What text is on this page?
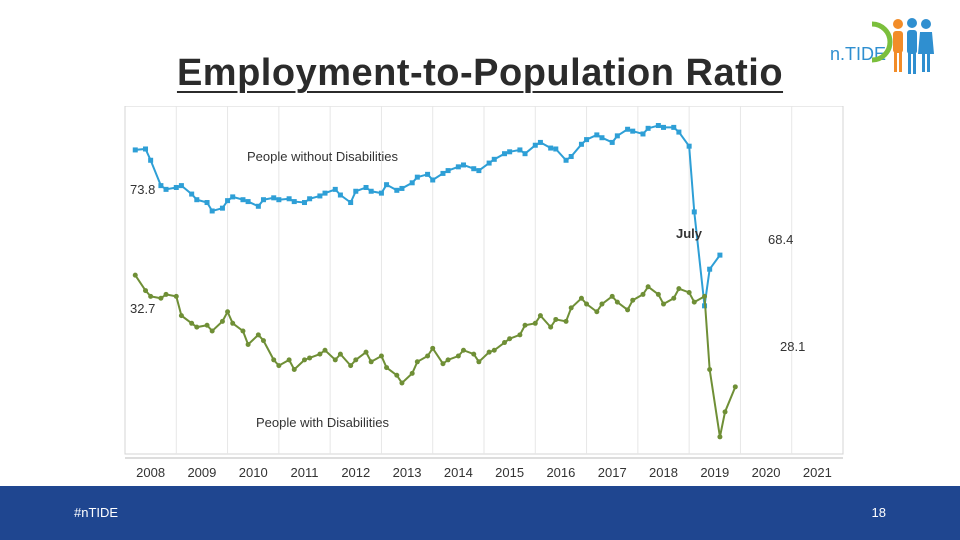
Employment-to-Population Ratio	n.TIDE
2008 2009 2010 2011 2012 2013 2014 2015 2016 2017 2018 2019 2020 2021
People without Disabilities
People with Disabilities
July
73.8
68.4
32.7
28.1
#nTIDE	18
